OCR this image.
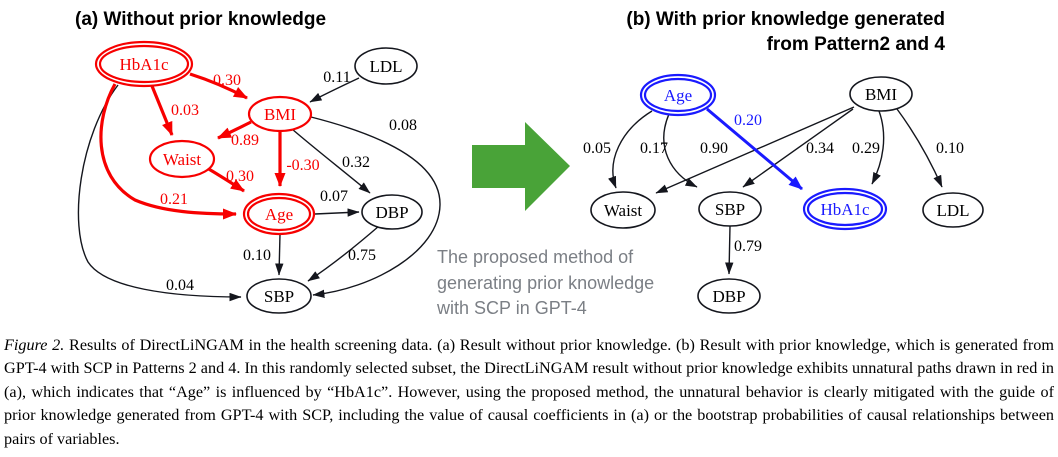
(a) Without prior knowledge	(b) With prior knowledge generated
from Pattern2 and 4
0.30
0.03
0.21
0.04
0.11
0.89
-0.30 0.32
0.08
0.30
0.07
0.10	0.75
HbA1c	LDL
BMI
Waist
Age	DBP
SBP
0.05 0.17
0.20
0.90	0.34 0.29	0.10
0.79
Age	BMI
Waist	SBP	HbA1c	LDL
DBP
The proposed method of
generating prior knowledge
with SCP in GPT-4
Figure 2. Results of DirectLiNGAM in the health screening data. (a) Result without prior knowledge. (b) Result with prior knowledge, which is generated from GPT-4 with SCP in Patterns 2 and 4. In this randomly selected subset, the DirectLiNGAM result without prior knowledge exhibits unnatural paths drawn in red in (a), which indicates that “Age” is influenced by “HbA1c”. However, using the proposed method, the unnatural behavior is clearly mitigated with the guide of prior knowledge generated from GPT-4 with SCP, including the value of causal coefficients in (a) or the bootstrap probabilities of causal relationships between pairs of variables.
